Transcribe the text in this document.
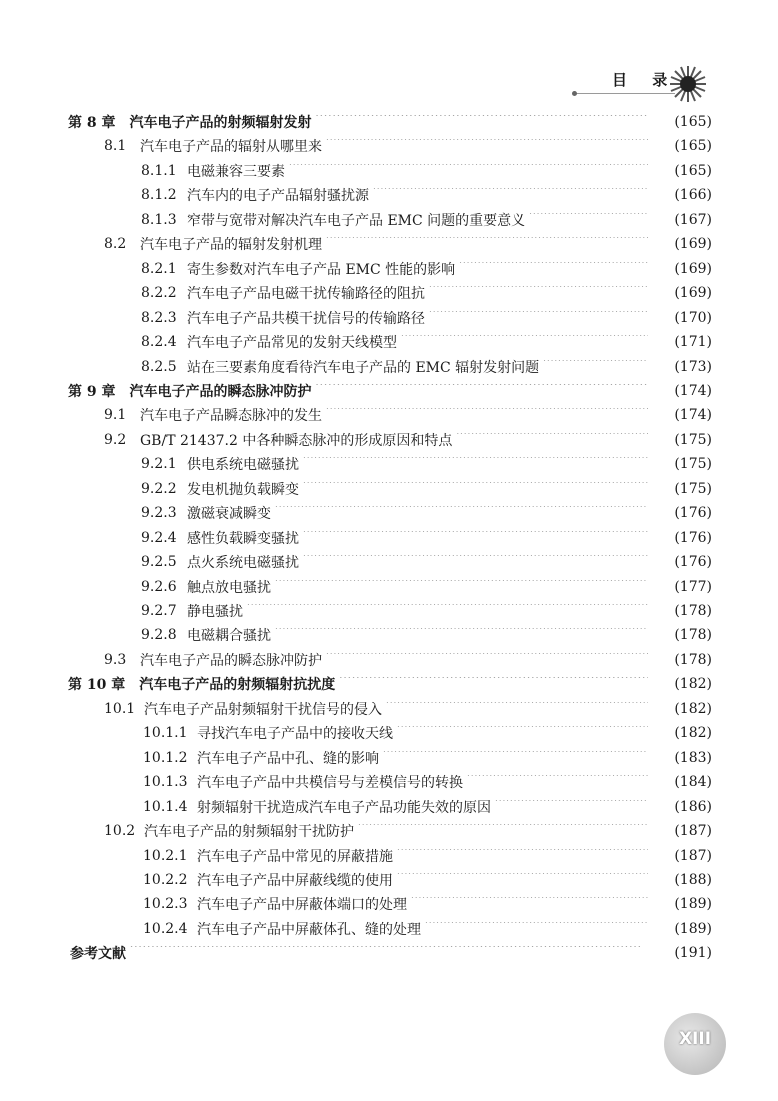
目 录
第 8 章 汽车电子产品的射频辐射发射 · · ·	(165)
8.1 汽车电子产品的辐射从哪里来 · · ·	(165)
8.1.1 电磁兼容三要素 · · ·	(165)
8.1.2 汽车内的电子产品辐射骚扰源 · · ·	(166)
8.1.3 窄带与宽带对解决汽车电子产品 EMC 问题的重要意义 · · ·	(167)
8.2 汽车电子产品的辐射发射机理 · · ·	(169)
8.2.1 寄生参数对汽车电子产品 EMC 性能的影响 · · ·	(169)
8.2.2 汽车电子产品电磁干扰传输路径的阻抗 · · ·	(169)
8.2.3 汽车电子产品共模干扰信号的传输路径 · · ·	(170)
8.2.4 汽车电子产品常见的发射天线模型 · · ·	(171)
8.2.5 站在三要素角度看待汽车电子产品的 EMC 辐射发射问题 · · ·	(173)
第 9 章 汽车电子产品的瞬态脉冲防护 · · ·	(174)
9.1 汽车电子产品瞬态脉冲的发生 · · ·	(174)
9.2 GB/T 21437.2 中各种瞬态脉冲的形成原因和特点 · · ·	(175)
9.2.1 供电系统电磁骚扰 · · ·	(175)
9.2.2 发电机抛负载瞬变 · · ·	(175)
9.2.3 激磁衰减瞬变 · · ·	(176)
9.2.4 感性负载瞬变骚扰 · · ·	(176)
9.2.5 点火系统电磁骚扰 · · ·	(176)
9.2.6 触点放电骚扰 · · ·	(177)
9.2.7 静电骚扰 · · ·	(178)
9.2.8 电磁耦合骚扰 · · ·	(178)
9.3 汽车电子产品的瞬态脉冲防护 · · ·	(178)
第 10 章 汽车电子产品的射频辐射抗扰度 · · ·	(182)
10.1 汽车电子产品射频辐射干扰信号的侵入 · · ·	(182)
10.1.1 寻找汽车电子产品中的接收天线 · · ·	(182)
10.1.2 汽车电子产品中孔、缝的影响 · · ·	(183)
10.1.3 汽车电子产品中共模信号与差模信号的转换 · · ·	(184)
10.1.4 射频辐射干扰造成汽车电子产品功能失效的原因 · · ·	(186)
10.2 汽车电子产品的射频辐射干扰防护 · · ·	(187)
10.2.1 汽车电子产品中常见的屏蔽措施 · · ·	(187)
10.2.2 汽车电子产品中屏蔽线缆的使用 · · ·	(188)
10.2.3 汽车电子产品中屏蔽体端口的处理 · · ·	(189)
10.2.4 汽车电子产品中屏蔽体孔、缝的处理 · · ·	(189)
参考文献 · · ·	(191)
XIII
